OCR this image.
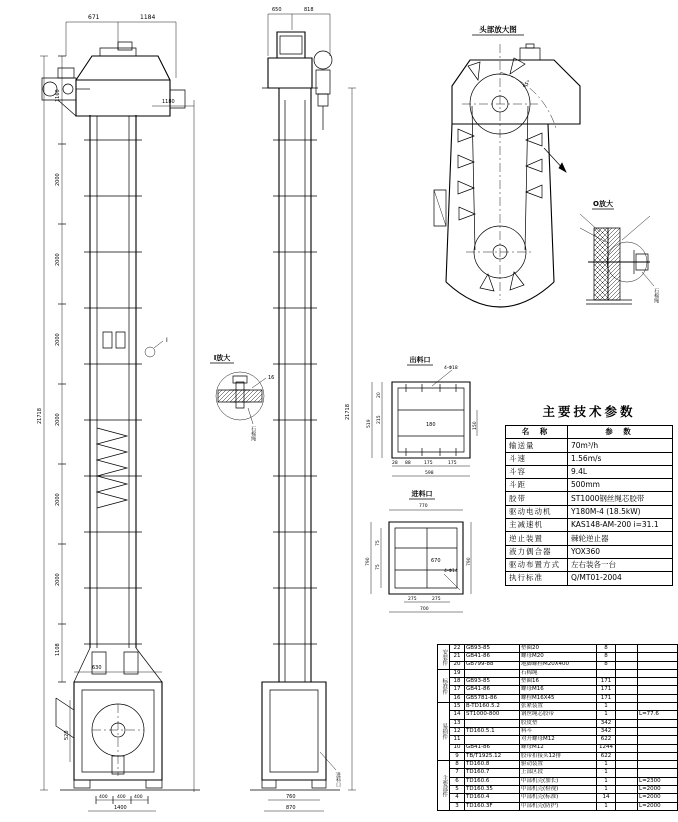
I
671	1184
1180
1160
2000
2000
2000
2000
2000
2000
1108
21718
630
520
400 400 400
1400
650	818
21718
760
870
进料口
头部放大图
45°
O放大
石棉绳
I放大
16
石棉绳
出料口
4-Φ18
180
20
215
519
28 88	175	175
598
150
进料口
770
670
75
75
790	790
275	275
700
4-Φ14
主要技术参数
名 称	参 数
输送量	70m³/h
斗速	1.56m/s
斗容	9.4L
斗距	500mm
胶带	ST1000钢丝绳芯胶带
驱动电动机	Y180M-4 (18.5kW)
主减速机	KAS148-AM-200 i=31.1
逆止装置	棘轮逆止器
液力偶合器	YOX360
驱动布置方式	左右装各一台
执行标准	Q/MT01-2004
安装件	22	GB93-85	垫圈20	8		
	21	GB41-86	螺母M20	8		
	20	GB799-88	地脚螺栓M20X400	8		
标准件	19		石棉绳			
	18	GB93-85	垫圈16	171		
	17	GB41-86	螺母M16	171		
	16	GB5781-86	螺栓M16X45	171		
易损件	15	B-TD160.5.2	张紧装置	1		
	14	ST1000-800	钢丝绳芯胶带	1		L=77.6
	13		胶皮垫	342		
	12	TD160.5.1	料斗	342		
	11		对开螺母M12	622		
	10	GB41-86	螺母M12	1244		
	9	TB/T1925.12	胶带扣接头12排	622		
主要部件	8	TD160.8	驱动装置	1		
	7	TD160.7	上部区段	1		
	6	TD160.6	中部机壳(加长)	1		L=2300
	5	TD160.35	中部机壳(检视)	1		L=2000
	4	TD160.4	中部机壳(标准)	14		L=2000
	3	TD160.3F	中部机壳(防护)	1		L=2000
